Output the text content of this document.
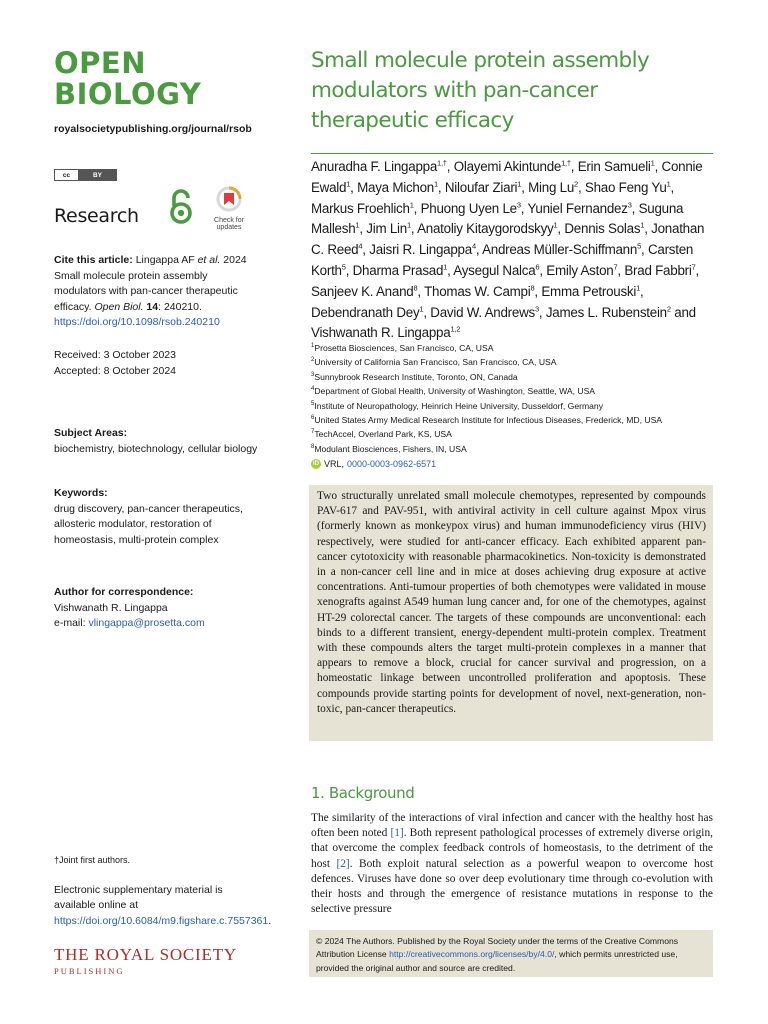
OPEN
BIOLOGY
royalsocietypublishing.org/journal/rsob
cc	BY
Research	Check for
updates
Cite this article: Lingappa AF et al. 2024 Small molecule protein assembly modulators with pan-cancer therapeutic efficacy. Open Biol. 14: 240210.
https://doi.org/10.1098/rsob.240210
Received: 3 October 2023
Accepted: 8 October 2024
Subject Areas:
biochemistry, biotechnology, cellular biology
Keywords:
drug discovery, pan-cancer therapeutics, allosteric modulator, restoration of homeostasis, multi-protein complex
Author for correspondence:
Vishwanath R. Lingappa
e-mail: vlingappa@prosetta.com
†Joint first authors.
Electronic supplementary material is available online at https://doi.org/10.6084/m9.figshare.c.7557361.
THE ROYAL SOCIETY
PUBLISHING
Small molecule protein assembly modulators with pan-cancer therapeutic efficacy
Anuradha F. Lingappa$^{1,\dagger}$, Olayemi Akintunde$^{1,\dagger}$, Erin Samueli$^1$, Connie Ewald$^1$, Maya Michon$^1$, Niloufar Ziari$^1$, Ming Lu$^2$, Shao Feng Yu$^1$, Markus Froehlich$^1$, Phuong Uyen Le$^3$, Yuniel Fernandez$^3$, Suguna Mallesh$^1$, Jim Lin$^1$, Anatoliy Kitaygorodskyy$^1$, Dennis Solas$^1$, Jonathan C. Reed$^4$, Jaisri R. Lingappa$^4$, Andreas Müller-Schiffmann$^5$, Carsten Korth$^5$, Dharma Prasad$^1$, Aysegul Nalca$^6$, Emily Aston$^7$, Brad Fabbri$^7$, Sanjeev K. Anand$^8$, Thomas W. Campi$^8$, Emma Petrouski$^1$, Debendranath Dey$^1$, David W. Andrews$^3$, James L. Rubenstein$^2$ and Vishwanath R. Lingappa$^{1,2}$
$^1$Prosetta Biosciences, San Francisco, CA, USA
$^2$University of California San Francisco, San Francisco, CA, USA
$^3$Sunnybrook Research Institute, Toronto, ON, Canada
$^4$Department of Global Health, University of Washington, Seattle, WA, USA
$^5$Institute of Neuropathology, Heinrich Heine University, Dusseldorf, Germany
$^6$United States Army Medical Research Institute for Infectious Diseases, Frederick, MD, USA
$^7$TechAccel, Overland Park, KS, USA
$^8$Modulant Biosciences, Fishers, IN, USA
iD VRL, 0000-0003-0962-6571

Two structurally unrelated small molecule chemotypes, represented by compounds PAV-617 and PAV-951, with antiviral activity in cell culture against Mpox virus (formerly known as monkeypox virus) and human immunodeficiency virus (HIV) respectively, were studied for anti-cancer efficacy. Each exhibited apparent pan-cancer cytotoxicity with reasonable pharmacokinetics. Non-toxicity is demonstrated in a non-cancer cell line and in mice at doses achieving drug exposure at active concentrations. Anti-tumour properties of both chemotypes were validated in mouse xenografts against A549 human lung cancer and, for one of the chemotypes, against HT-29 colorectal cancer. The targets of these compounds are unconventional: each binds to a different transient, energy-dependent multi-protein complex. Treatment with these compounds alters the target multi-protein complexes in a manner that appears to remove a block, crucial for cancer survival and progression, on a homeostatic linkage between uncontrolled proliferation and apoptosis. These compounds provide starting points for development of novel, next-generation, non-toxic, pan-cancer therapeutics.

1. Background

The similarity of the interactions of viral infection and cancer with the healthy host has often been noted [1]. Both represent pathological processes of extremely diverse origin, that overcome the complex feedback controls of homeostasis, to the detriment of the host [2]. Both exploit natural selection as a powerful weapon to overcome host defences. Viruses have done so over deep evolutionary time through co-evolution with their hosts and through the emergence of resistance mutations in response to the selective pressure

© 2024 The Authors. Published by the Royal Society under the terms of the Creative Commons Attribution License http://creativecommons.org/licenses/by/4.0/, which permits unrestricted use, provided the original author and source are credited.
